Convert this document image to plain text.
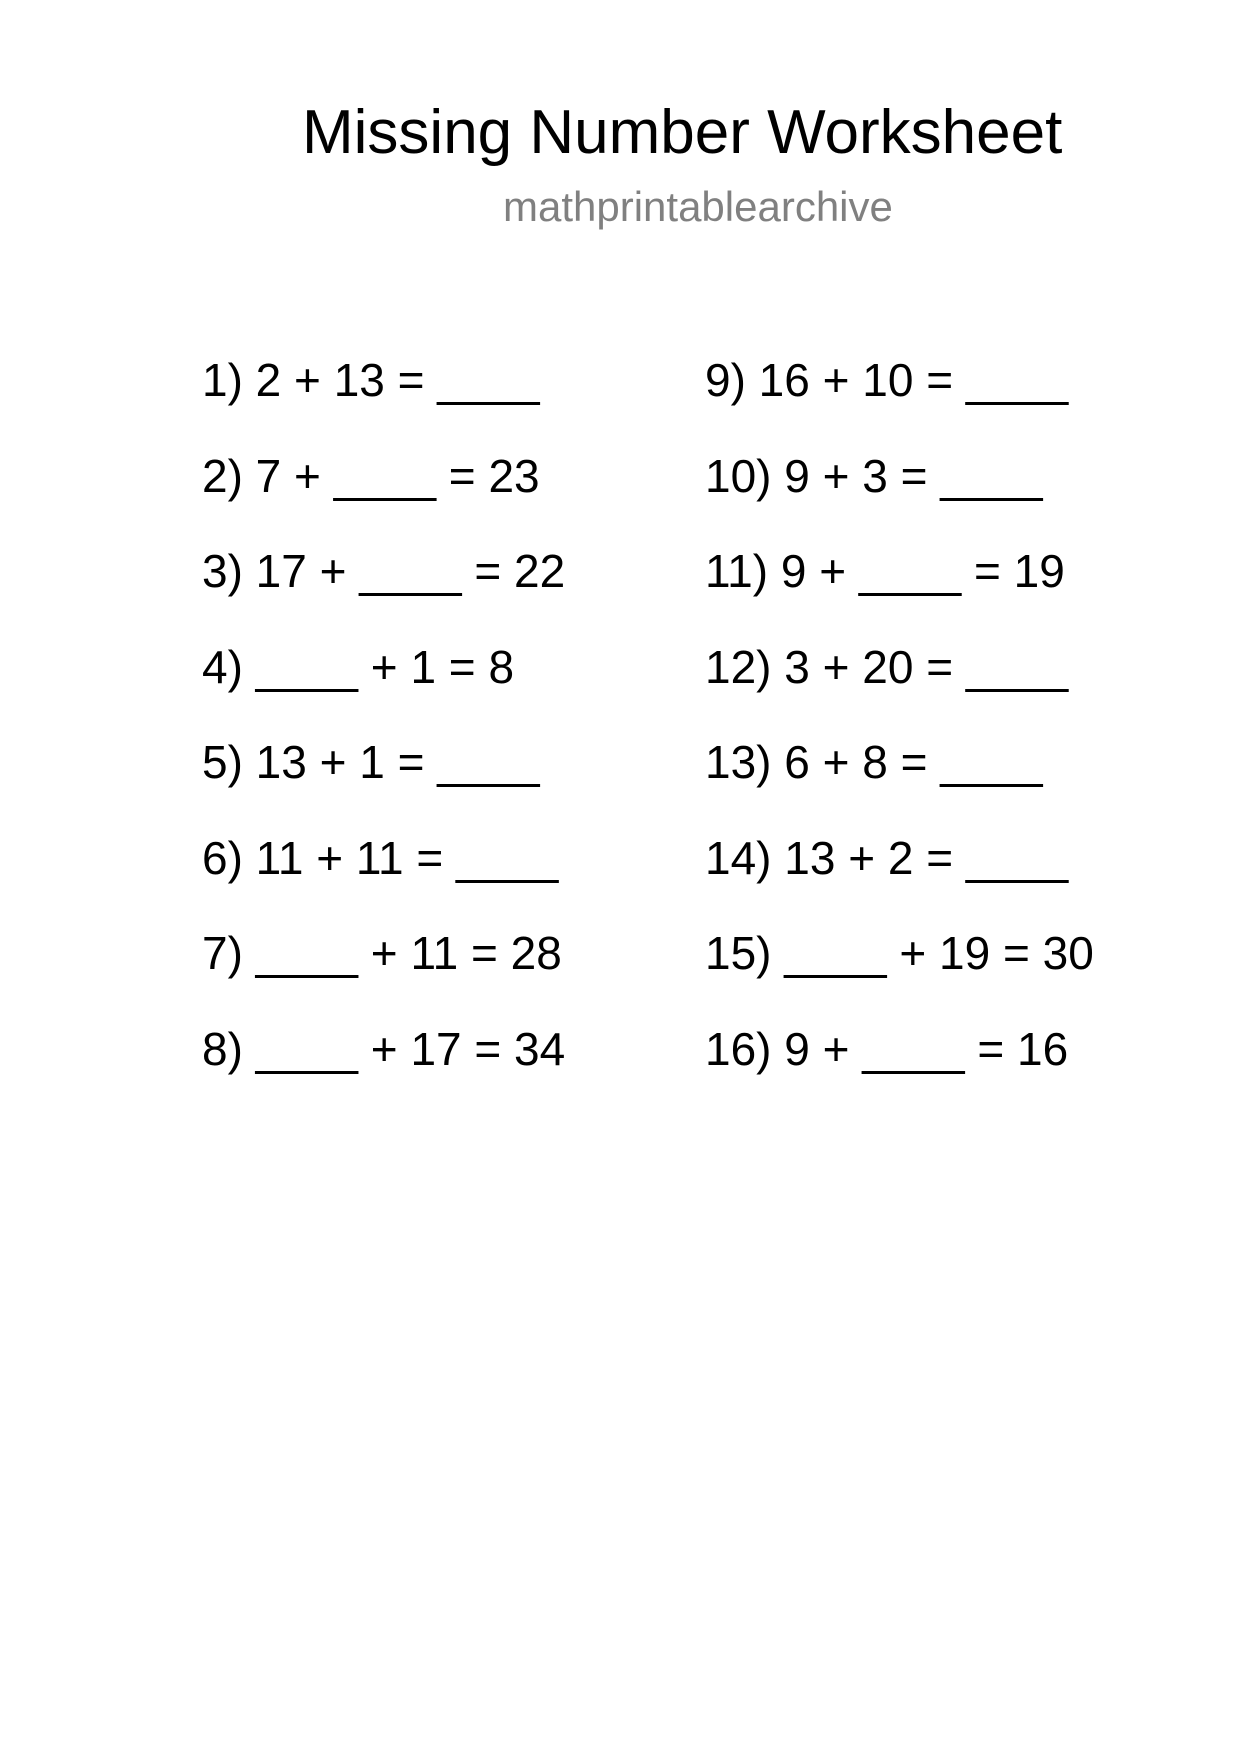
Missing Number Worksheet
mathprintablearchive
1) 2 + 13 = ____
2) 7 + ____ = 23
3) 17 + ____ = 22
4) ____ + 1 = 8
5) 13 + 1 = ____
6) 11 + 11 = ____
7) ____ + 11 = 28
8) ____ + 17 = 34
9) 16 + 10 = ____
10) 9 + 3 = ____
11) 9 + ____ = 19
12) 3 + 20 = ____
13) 6 + 8 = ____
14) 13 + 2 = ____
15) ____ + 19 = 30
16) 9 + ____ = 16
